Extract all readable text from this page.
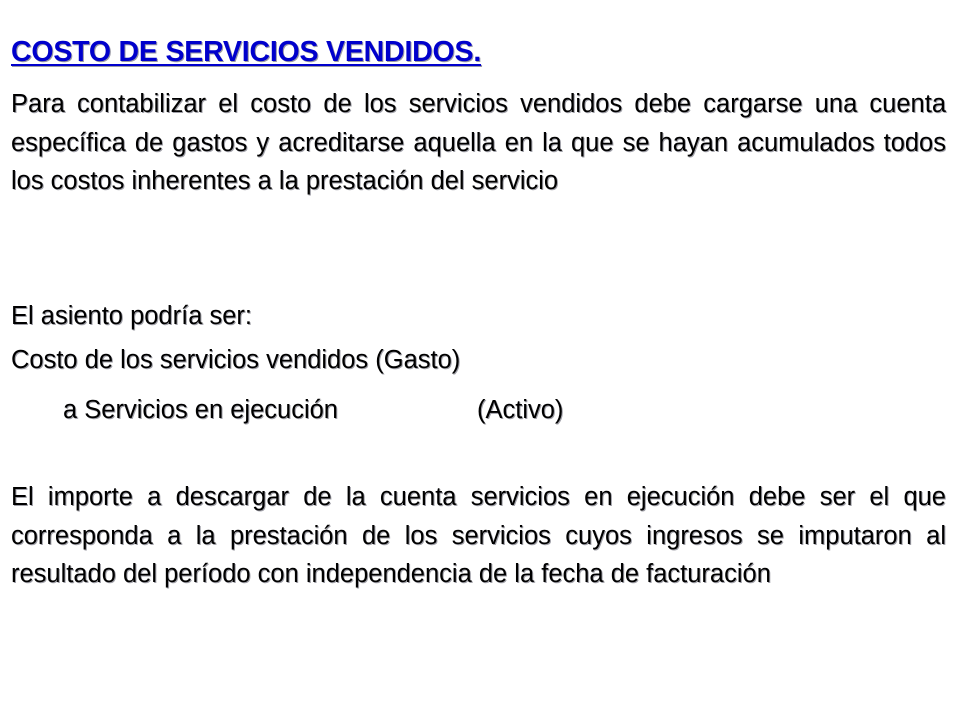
COSTO DE SERVICIOS VENDIDOS.
Para contabilizar el costo de los servicios vendidos debe cargarse una cuenta específica de gastos y acreditarse aquella en la que se hayan acumulados todos los costos inherentes a la prestación del servicio
El asiento podría ser:
Costo de los servicios vendidos (Gasto)
a Servicios en ejecución	(Activo)
El importe a descargar de la cuenta servicios en ejecución debe ser el que corresponda a la prestación de los servicios cuyos ingresos se imputaron al resultado del período con independencia de la fecha de facturación
